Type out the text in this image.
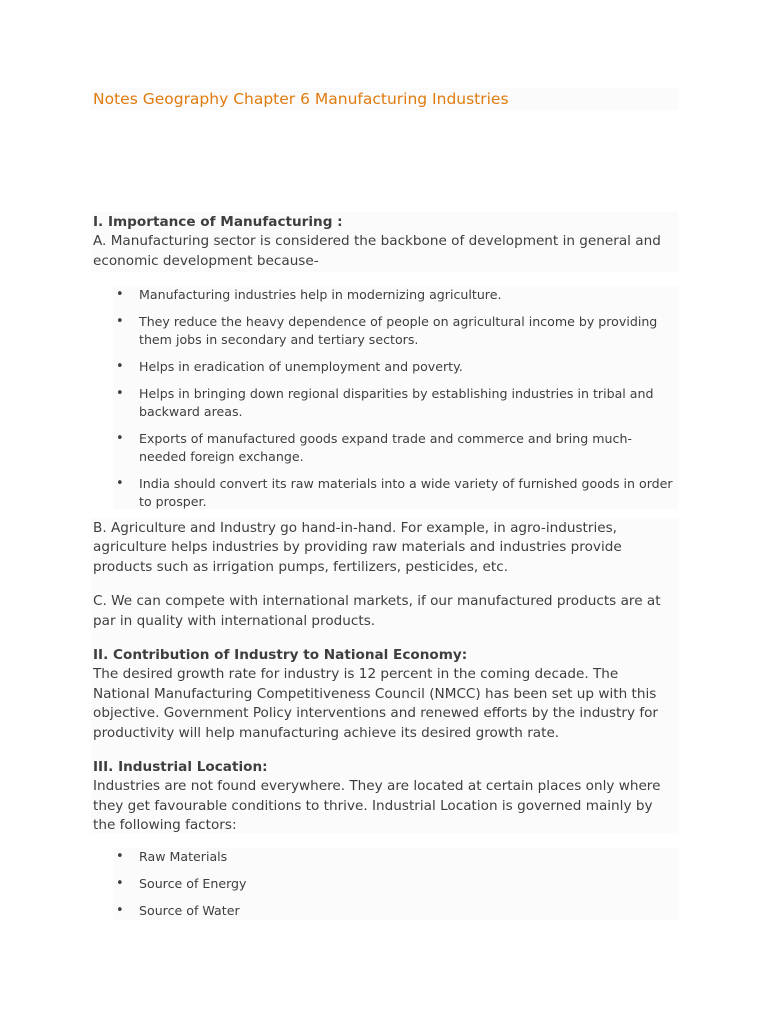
Notes Geography Chapter 6 Manufacturing Industries

I. Importance of Manufacturing :
A. Manufacturing sector is considered the backbone of development in general and economic development because-

• Manufacturing industries help in modernizing agriculture.
• They reduce the heavy dependence of people on agricultural income by providing them jobs in secondary and tertiary sectors.
• Helps in eradication of unemployment and poverty.
• Helps in bringing down regional disparities by establishing industries in tribal and backward areas.
• Exports of manufactured goods expand trade and commerce and bring much-needed foreign exchange.
• India should convert its raw materials into a wide variety of furnished goods in order to prosper.

B. Agriculture and Industry go hand-in-hand. For example, in agro-industries, agriculture helps industries by providing raw materials and industries provide products such as irrigation pumps, fertilizers, pesticides, etc.

C. We can compete with international markets, if our manufactured products are at par in quality with international products.

II. Contribution of Industry to National Economy:
The desired growth rate for industry is 12 percent in the coming decade. The National Manufacturing Competitiveness Council (NMCC) has been set up with this objective. Government Policy interventions and renewed efforts by the industry for productivity will help manufacturing achieve its desired growth rate.

III. Industrial Location:
Industries are not found everywhere. They are located at certain places only where they get favourable conditions to thrive. Industrial Location is governed mainly by the following factors:

• Raw Materials
• Source of Energy
• Source of Water
